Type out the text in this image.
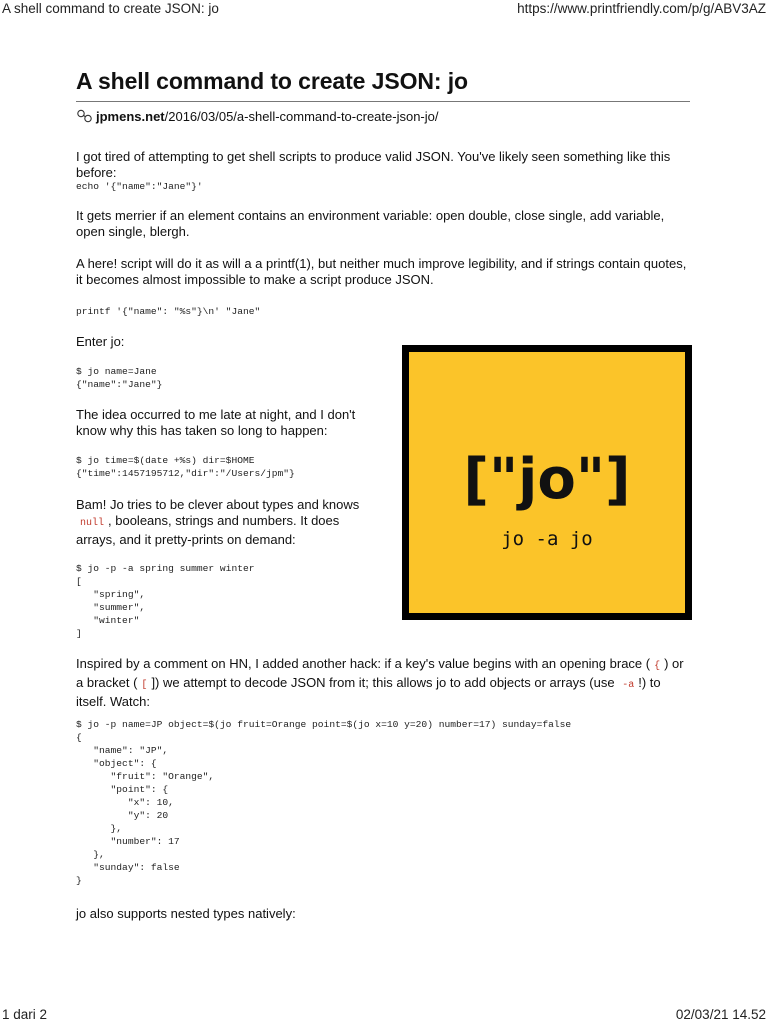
A shell command to create JSON: jo	https://www.printfriendly.com/p/g/ABV3AZ
A shell command to create JSON: jo
jpmens.net /2016/03/05/a-shell-command-to-create-json-jo/

I got tired of attempting to get shell scripts to produce valid JSON. You've likely seen something like this before:

echo '{"name":"Jane"}'

It gets merrier if an element contains an environment variable: open double, close single, add variable, open single, blergh.

A here! script will do it as will a a printf(1), but neither much improve legibility, and if strings contain quotes, it becomes almost impossible to make a script produce JSON.

printf '{"name": "%s"}\n' "Jane"

Enter jo:

$ jo name=Jane
{"name":"Jane"}

The idea occurred to me late at night, and I don't know why this has taken so long to happen:

$ jo time=$(date +%s) dir=$HOME
{"time":1457195712,"dir":"/Users/jpm"}

Bam! Jo tries to be clever about types and knows
null , booleans, strings and numbers. It does arrays, and it pretty-prints on demand:

$ jo -p -a spring summer winter
[
"spring",
"summer",
"winter"
]

Inspired by a comment on HN, I added another hack: if a key's value begins with an opening brace ( { ) or a bracket ( [ ]) we attempt to decode JSON from it; this allows jo to add objects or arrays (use -a !) to itself. Watch:

$ jo -p name=JP object=$(jo fruit=Orange point=$(jo x=10 y=20) number=17) sunday=false
{
"name": "JP",
"object": {
"fruit": "Orange",
"point": {
"x": 10,
"y": 20
},
"number": 17
},
"sunday": false
}

jo also supports nested types natively:

["jo"]
jo -a jo
1 dari 2	02/03/21 14.52
